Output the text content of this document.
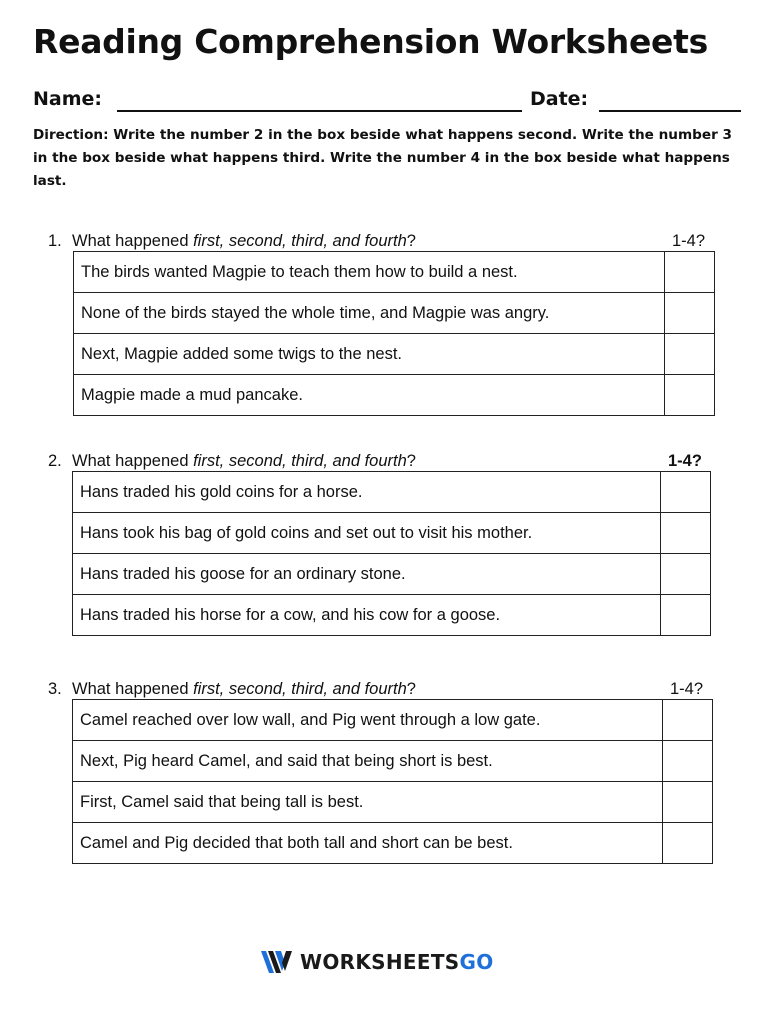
Reading Comprehension Worksheets
Name:	Date:

Direction: Write the number 2 in the box beside what happens second. Write the number 3 in the box beside what happens third. Write the number 4 in the box beside what happens last.

1. What happened first, second, third, and fourth?	1-4?
The birds wanted Magpie to teach them how to build a nest.	
None of the birds stayed the whole time, and Magpie was angry.	
Next, Magpie added some twigs to the nest.	
Magpie made a mud pancake.	
2. What happened first, second, third, and fourth?	1-4?
Hans traded his gold coins for a horse.	
Hans took his bag of gold coins and set out to visit his mother.	
Hans traded his goose for an ordinary stone.	
Hans traded his horse for a cow, and his cow for a goose.	
3. What happened first, second, third, and fourth?	1-4?
Camel reached over low wall, and Pig went through a low gate.	
Next, Pig heard Camel, and said that being short is best.	
First, Camel said that being tall is best.	
Camel and Pig decided that both tall and short can be best.	
WORKSHEETSGO
